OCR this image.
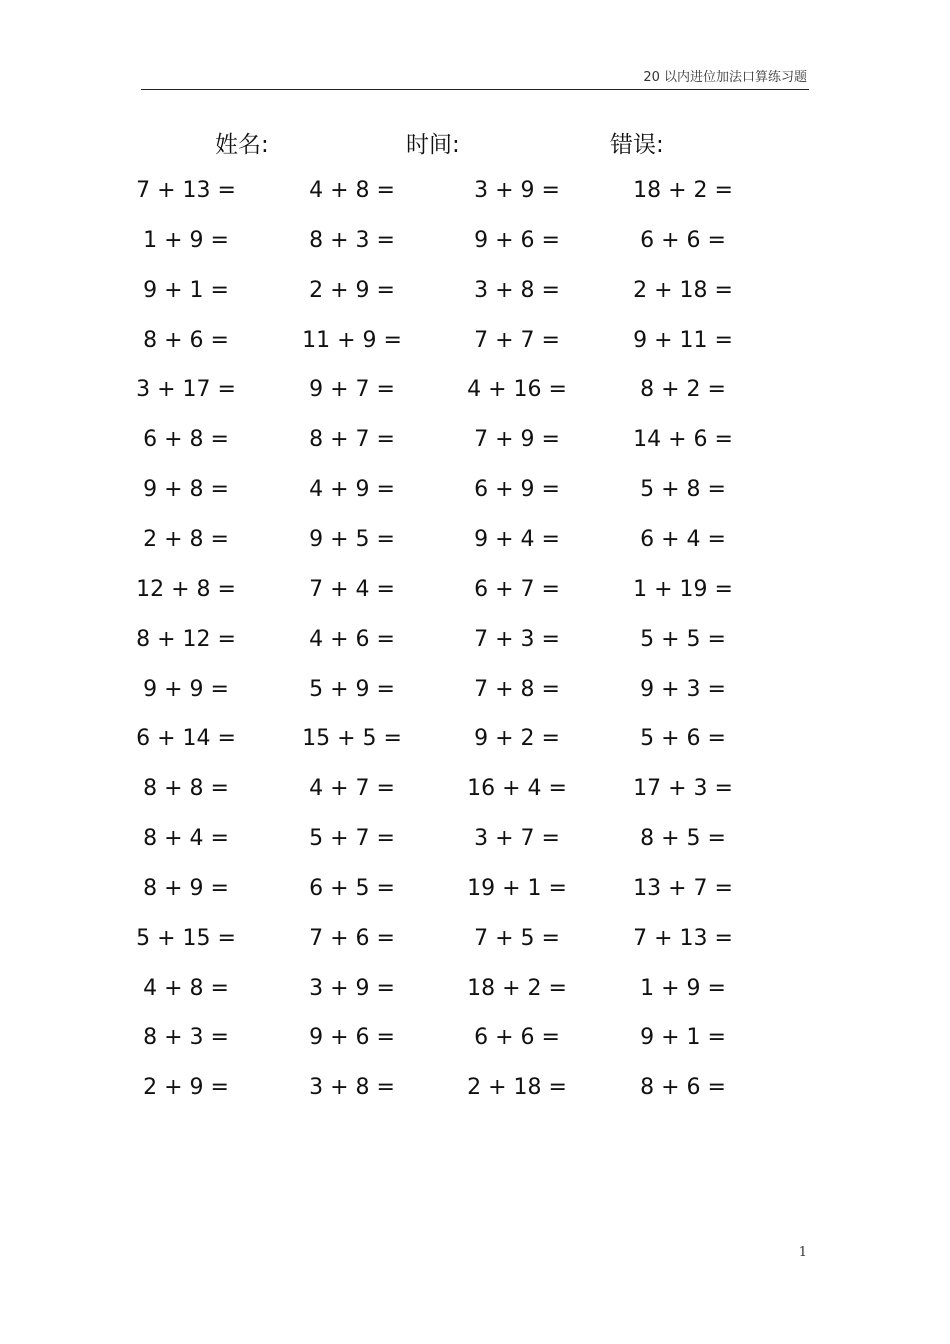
20 以内进位加法口算练习题
姓名:	时间:	错误:
7 + 13 =	4 + 8 =	3 + 9 =	18 + 2 =
1 + 9 =	8 + 3 =	9 + 6 =	6 + 6 =
9 + 1 =	2 + 9 =	3 + 8 =	2 + 18 =
8 + 6 =	11 + 9 =	7 + 7 =	9 + 11 =
3 + 17 =	9 + 7 =	4 + 16 =	8 + 2 =
6 + 8 =	8 + 7 =	7 + 9 =	14 + 6 =
9 + 8 =	4 + 9 =	6 + 9 =	5 + 8 =
2 + 8 =	9 + 5 =	9 + 4 =	6 + 4 =
12 + 8 =	7 + 4 =	6 + 7 =	1 + 19 =
8 + 12 =	4 + 6 =	7 + 3 =	5 + 5 =
9 + 9 =	5 + 9 =	7 + 8 =	9 + 3 =
6 + 14 =	15 + 5 =	9 + 2 =	5 + 6 =
8 + 8 =	4 + 7 =	16 + 4 =	17 + 3 =
8 + 4 =	5 + 7 =	3 + 7 =	8 + 5 =
8 + 9 =	6 + 5 =	19 + 1 =	13 + 7 =
5 + 15 =	7 + 6 =	7 + 5 =	7 + 13 =
4 + 8 =	3 + 9 =	18 + 2 =	1 + 9 =
8 + 3 =	9 + 6 =	6 + 6 =	9 + 1 =
2 + 9 =	3 + 8 =	2 + 18 =	8 + 6 =
1
